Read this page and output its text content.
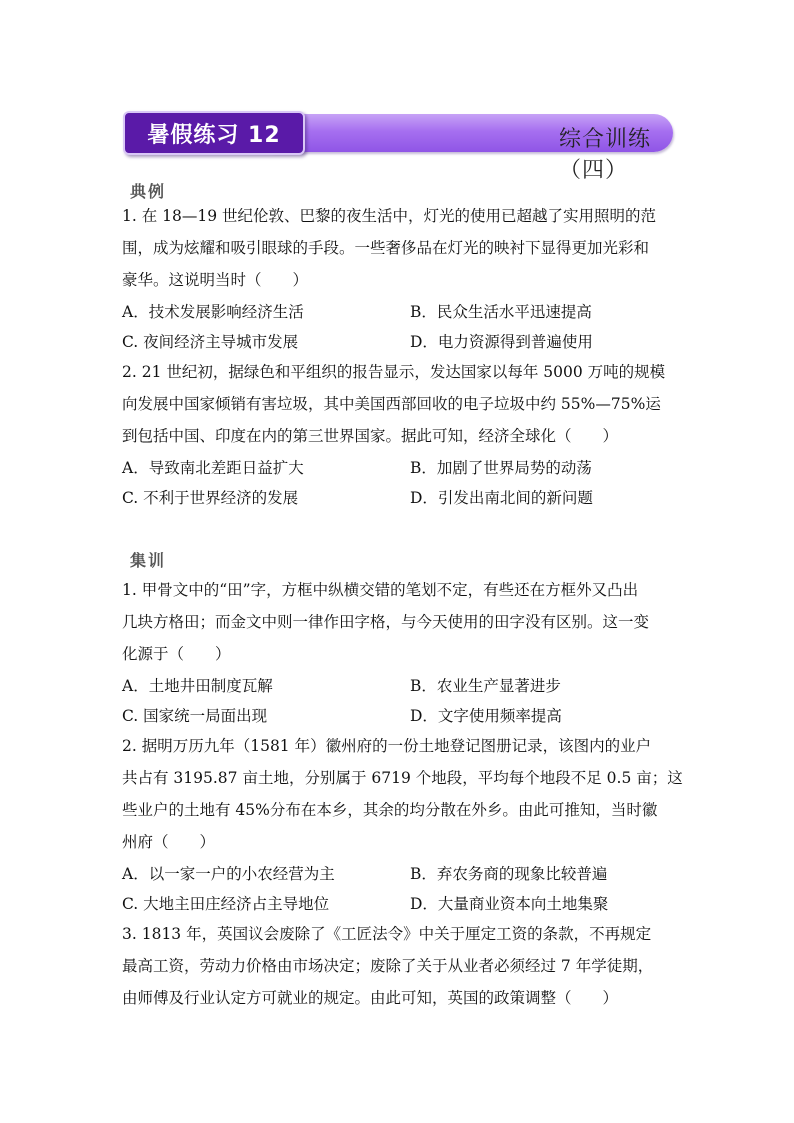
综合训练（四）
暑假练习 12
典例
1. 在 18—19 世纪伦敦、巴黎的夜生活中，灯光的使用已超越了实用照明的范
围，成为炫耀和吸引眼球的手段。一些奢侈品在灯光的映衬下显得更加光彩和
豪华。这说明当时（　　）
A．技术发展影响经济生活	B．民众生活水平迅速提高
C. 夜间经济主导城市发展	D．电力资源得到普遍使用
2. 21 世纪初，据绿色和平组织的报告显示，发达国家以每年 5000 万吨的规模
向发展中国家倾销有害垃圾，其中美国西部回收的电子垃圾中约 55%—75%运
到包括中国、印度在内的第三世界国家。据此可知，经济全球化（　　）
A．导致南北差距日益扩大	B．加剧了世界局势的动荡
C. 不利于世界经济的发展	D．引发出南北间的新问题
集训
1. 甲骨文中的“田”字，方框中纵横交错的笔划不定，有些还在方框外又凸出
几块方格田；而金文中则一律作田字格，与今天使用的田字没有区别。这一变
化源于（　　）
A．土地井田制度瓦解	B．农业生产显著进步
C. 国家统一局面出现	D．文字使用频率提高
2. 据明万历九年（1581 年）徽州府的一份土地登记图册记录，该图内的业户
共占有 3195.87 亩土地，分别属于 6719 个地段，平均每个地段不足 0.5 亩；这
些业户的土地有 45%分布在本乡，其余的均分散在外乡。由此可推知，当时徽
州府（　　）
A．以一家一户的小农经营为主	B．弃农务商的现象比较普遍
C. 大地主田庄经济占主导地位	D．大量商业资本向土地集聚
3. 1813 年，英国议会废除了《工匠法令》中关于厘定工资的条款，不再规定
最高工资，劳动力价格由市场决定；废除了关于从业者必须经过 7 年学徒期，
由师傅及行业认定方可就业的规定。由此可知，英国的政策调整（　　）
